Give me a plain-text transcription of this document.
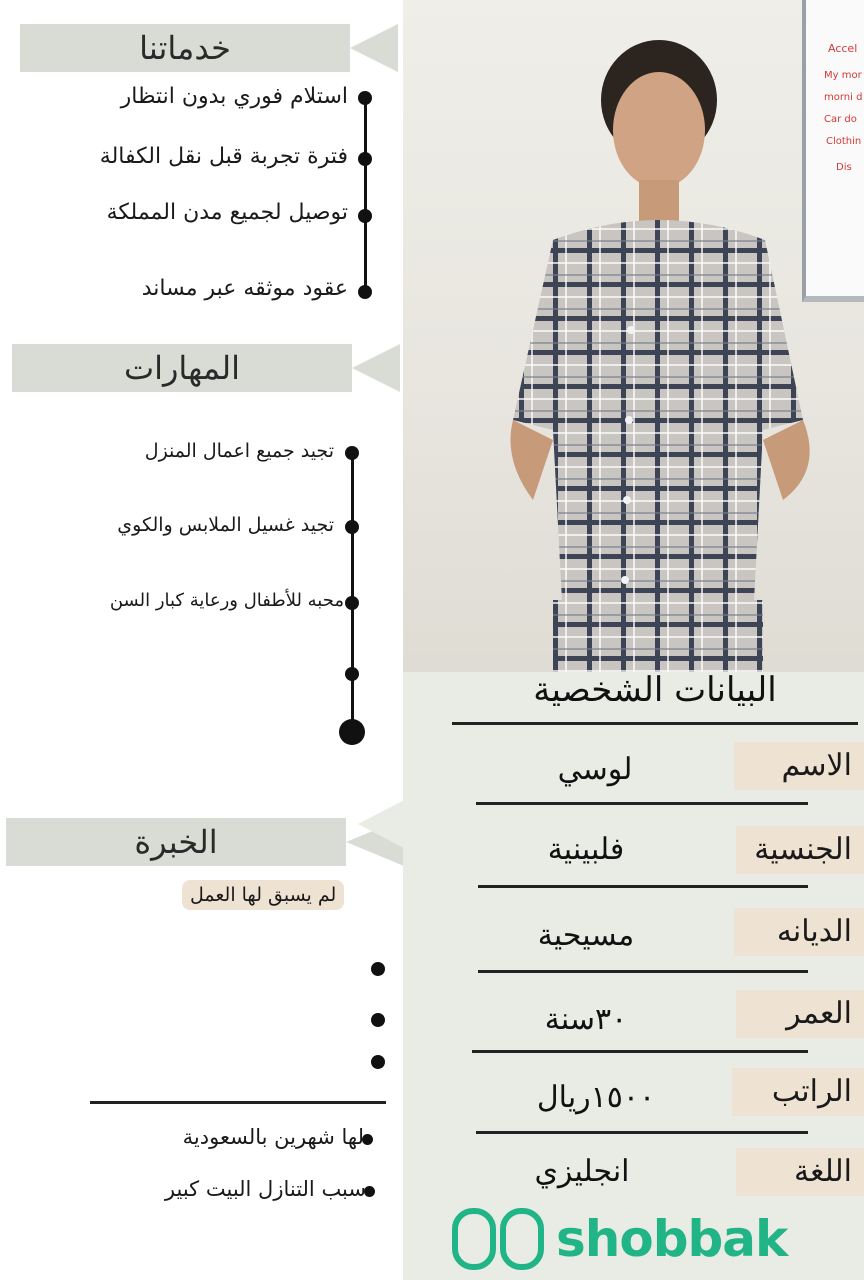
خدماتنا
استلام فوري بدون انتظار
فترة تجربة قبل نقل الكفالة
توصيل لجميع مدن المملكة
عقود موثقه عبر مساند
المهارات
تجيد جميع اعمال المنزل
تجيد غسيل الملابس والكوي
محبه للأطفال ورعاية كبار السن
الخبرة
لم يسبق لها العمل
لها شهرين بالسعودية
سبب التنازل البيت كبير
Accel
My mor
morni d
Car do
Clothin
Dis
البيانات الشخصية
الاسم
لوسي
الجنسية
فلبينية
الديانه
مسيحية
العمر
٣٠سنة
الراتب
١٥٠٠ريال
اللغة
انجليزي
shobbak
